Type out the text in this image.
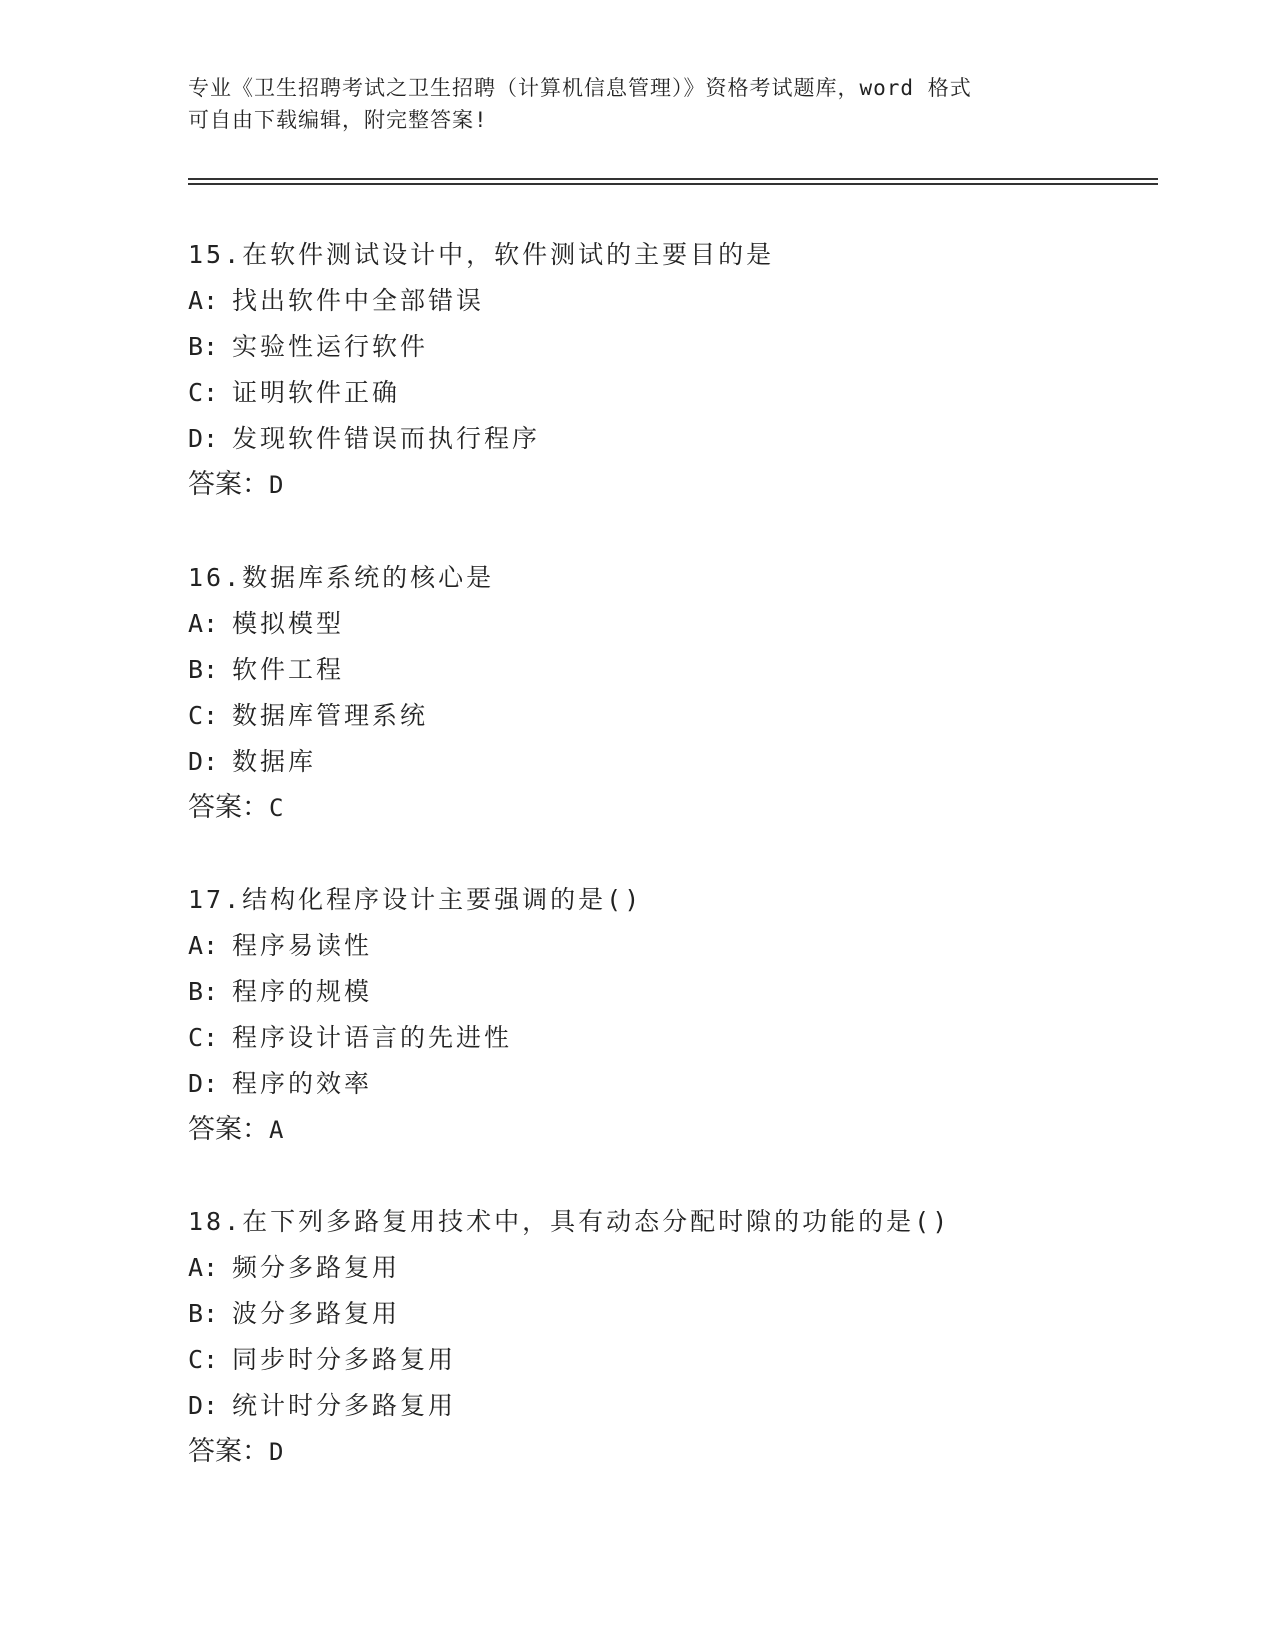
专业《卫生招聘考试之卫生招聘（计算机信息管理）》资格考试题库，word 格式
可自由下载编辑，附完整答案!
15.在软件测试设计中，软件测试的主要目的是
A: 找出软件中全部错误
B: 实验性运行软件
C: 证明软件正确
D: 发现软件错误而执行程序
答案：D
16.数据库系统的核心是
A: 模拟模型
B: 软件工程
C: 数据库管理系统
D: 数据库
答案：C
17.结构化程序设计主要强调的是()
A: 程序易读性
B: 程序的规模
C: 程序设计语言的先进性
D: 程序的效率
答案：A
18.在下列多路复用技术中，具有动态分配时隙的功能的是()
A: 频分多路复用
B: 波分多路复用
C: 同步时分多路复用
D: 统计时分多路复用
答案：D
